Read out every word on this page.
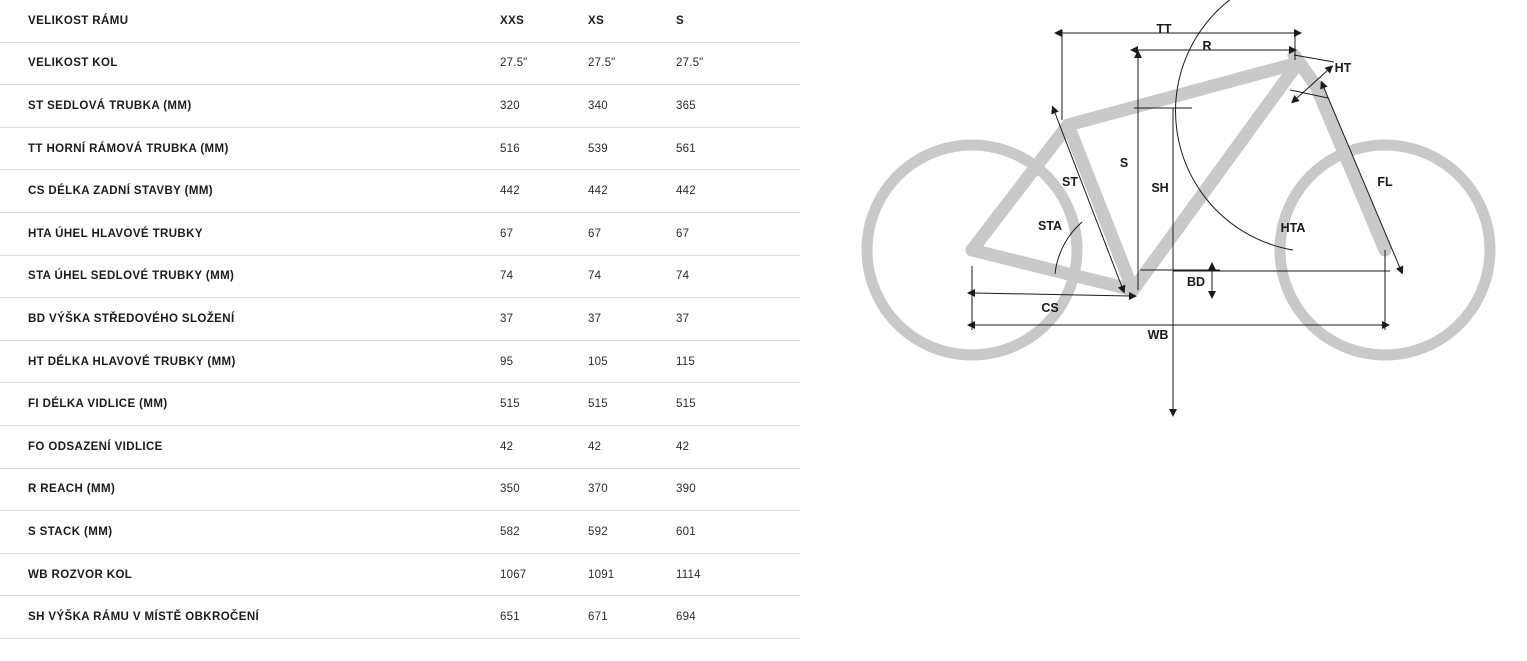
VELIKOST RÁMU	XXS	XS	S
VELIKOST KOL	27.5"	27.5"	27.5"
ST SEDLOVÁ TRUBKA (MM)	320	340	365
TT HORNÍ RÁMOVÁ TRUBKA (MM)	516	539	561
CS DÉLKA ZADNÍ STAVBY (MM)	442	442	442
HTA ÚHEL HLAVOVÉ TRUBKY	67	67	67
STA ÚHEL SEDLOVÉ TRUBKY (MM)	74	74	74
BD VÝŠKA STŘEDOVÉHO SLOŽENÍ	37	37	37
HT DÉLKA HLAVOVÉ TRUBKY (MM)	95	105	115
FI DÉLKA VIDLICE (MM)	515	515	515
FO ODSAZENÍ VIDLICE	42	42	42
R REACH (MM)	350	370	390
S STACK (MM)	582	592	601
WB ROZVOR KOL	1067	1091	1114
SH VÝŠKA RÁMU V MÍSTĚ OBKROČENÍ	651	671	694
TT
R
HT
ST
S
SH	FL
STA	HTA
BD
CS
WB
